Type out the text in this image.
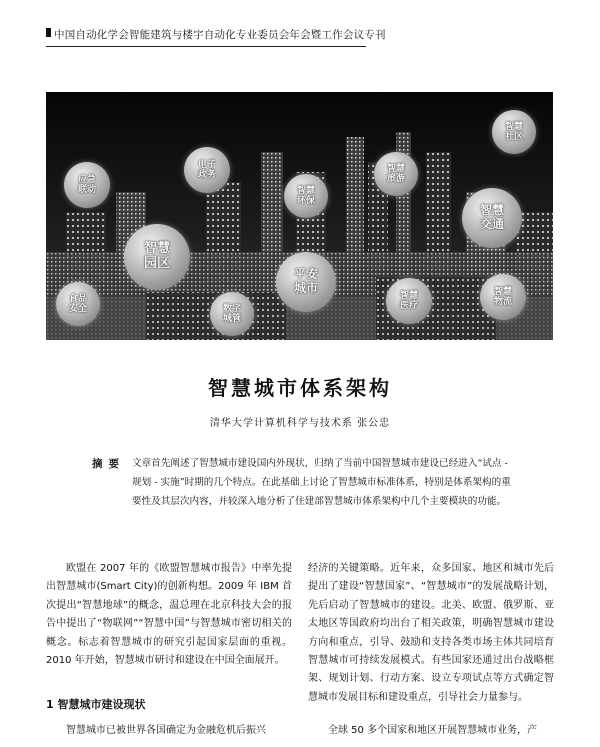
中国自动化学会智能建筑与楼宇自动化专业委员会年会暨工作会议专刊
智慧
社区
应急
联动
电子
政务
智慧
旅游
智慧
环保
智慧
交通
智慧
园区
平安
城市
智慧
医疗
智慧
物流
食品
安全	数字
城管
智慧城市体系架构
清华大学计算机科学与技术系 张公忠
摘要 文章首先阐述了智慧城市建设国内外现状，归纳了当前中国智慧城市建设已经进入“试点 - 规划 - 实施”时期的几个特点。在此基础上讨论了智慧城市标准体系，特别是体系架构的重要性及其层次内容，并较深入地分析了住建部智慧城市体系架构中几个主要模块的功能。

欧盟在 2007 年的《欧盟智慧城市报告》中率先提出智慧城市(Smart City)的创新构想。2009 年 IBM 首次提出“智慧地球”的概念，温总理在北京科技大会的报告中提出了“物联网”“智慧中国”与智慧城市密切相关的概念。标志着智慧城市的研究引起国家层面的重视。2010 年开始，智慧城市研讨和建设在中国全面展开。

1 智慧城市建设现状
智慧城市已被世界各国确定为金融危机后振兴

经济的关键策略。近年来，众多国家、地区和城市先后提出了建设“智慧国家”、“智慧城市”的发展战略计划，先后启动了智慧城市的建设。北美、欧盟、俄罗斯、亚太地区等国政府均出台了相关政策，明确智慧城市建设方向和重点，引导、鼓励和支持各类市场主体共同培育智慧城市可持续发展模式。有些国家还通过出台战略框架、规划计划、行动方案、设立专项试点等方式确定智慧城市发展目标和建设重点，引导社会力量参与。

全球 50 多个国家和地区开展智慧城市业务，产
